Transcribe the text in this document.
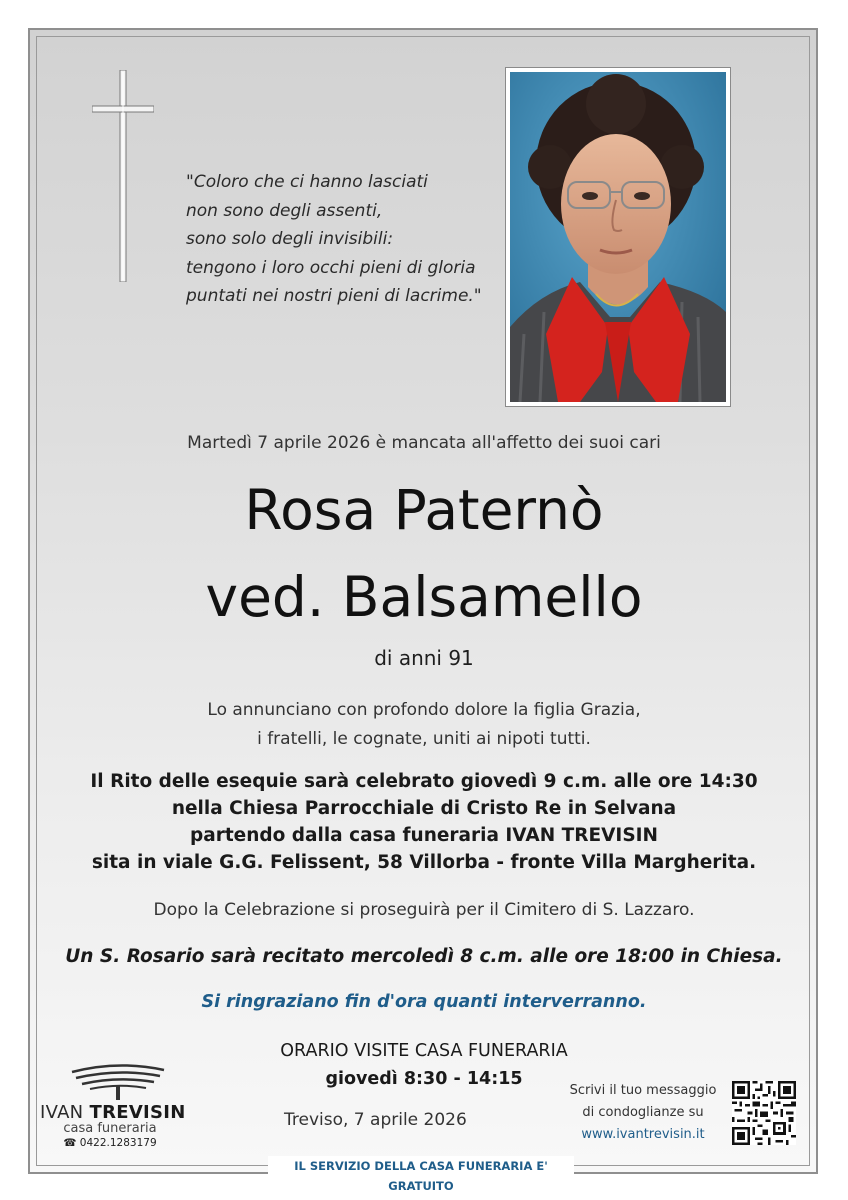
"Coloro che ci hanno lasciati
non sono degli assenti,
sono solo degli invisibili:
tengono i loro occhi pieni di gloria
puntati nei nostri pieni di lacrime."
Martedì 7 aprile 2026 è mancata all'affetto dei suoi cari
Rosa Paternò
ved. Balsamello
di anni 91
Lo annunciano con profondo dolore la figlia Grazia,
i fratelli, le cognate, uniti ai nipoti tutti.
Il Rito delle esequie sarà celebrato giovedì 9 c.m. alle ore 14:30
nella Chiesa Parrocchiale di Cristo Re in Selvana
partendo dalla casa funeraria IVAN TREVISIN
sita in viale G.G. Felissent, 58 Villorba - fronte Villa Margherita.
Dopo la Celebrazione si proseguirà per il Cimitero di S. Lazzaro.
Un S. Rosario sarà recitato mercoledì 8 c.m. alle ore 18:00 in Chiesa.
Si ringraziano fin d'ora quanti interverranno.
ORARIO VISITE CASA FUNERARIA
giovedì 8:30 - 14:15
IVAN TREVISIN
casa funeraria
☎ 0422.1283179
Treviso, 7 aprile 2026
Scrivi il tuo messaggio
di condoglianze su
www.ivantrevisin.it
IL SERVIZIO DELLA CASA FUNERARIA E' GRATUITO
